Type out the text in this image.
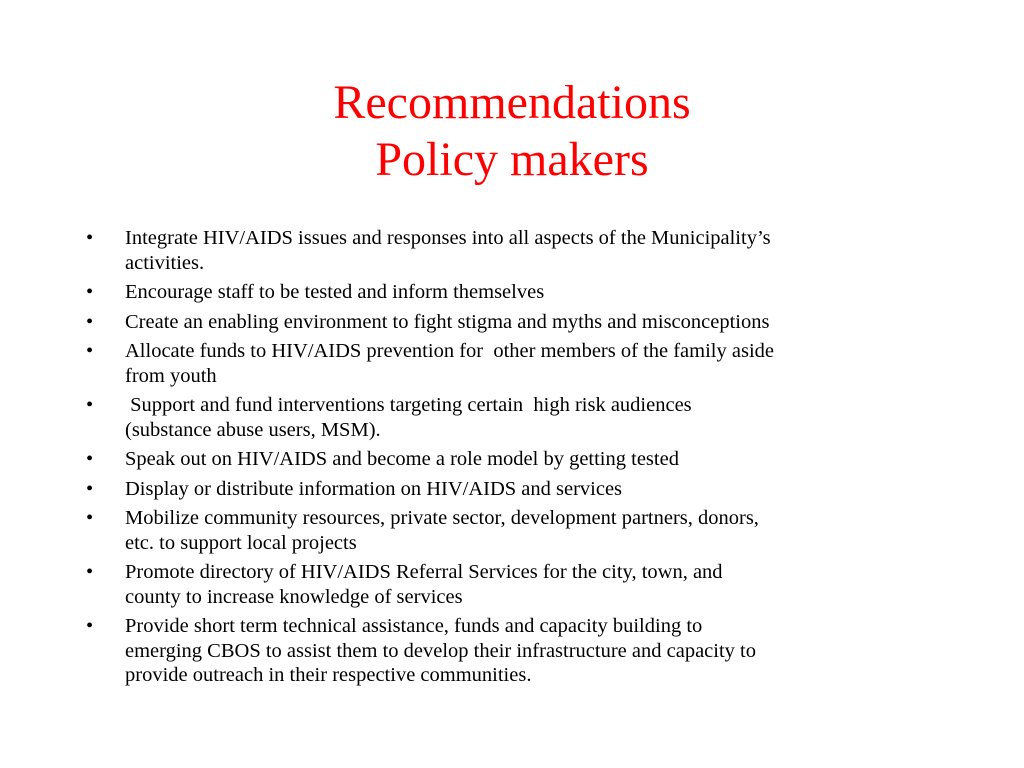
Recommendations
Policy makers
•	Integrate HIV/AIDS issues and responses into all aspects of the Municipality’s
activities.
•	Encourage staff to be tested and inform themselves
•	Create an enabling environment to fight stigma and myths and misconceptions
•	Allocate funds to HIV/AIDS prevention for  other members of the family aside
from youth
•	Support and fund interventions targeting certain  high risk audiences
(substance abuse users, MSM).
•	Speak out on HIV/AIDS and become a role model by getting tested
•	Display or distribute information on HIV/AIDS and services
•	Mobilize community resources, private sector, development partners, donors,
etc. to support local projects
•	Promote directory of HIV/AIDS Referral Services for the city, town, and
county to increase knowledge of services
•	Provide short term technical assistance, funds and capacity building to
emerging CBOS to assist them to develop their infrastructure and capacity to
provide outreach in their respective communities.
